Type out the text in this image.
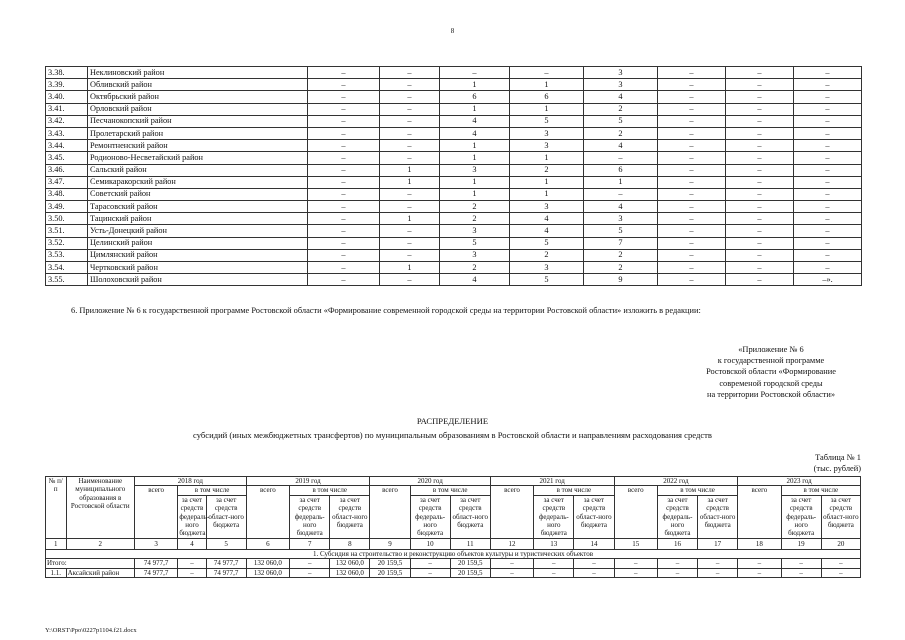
8
3.38.	Неклиновский район	–	–	–	–	3	–	–	–
3.39.	Обливский район	–	–	1	1	3	–	–	–
3.40.	Октябрьский район	–	–	6	6	4	–	–	–
3.41.	Орловский район	–	–	1	1	2	–	–	–
3.42.	Песчанокопский район	–	–	4	5	5	–	–	–
3.43.	Пролетарский район	–	–	4	3	2	–	–	–
3.44.	Ремонтненский район	–	–	1	3	4	–	–	–
3.45.	Родионово-Несветайский район	–	–	1	1	–	–	–	–
3.46.	Сальский район	–	1	3	2	6	–	–	–
3.47.	Семикаракорский район	–	1	1	1	1	–	–	–
3.48.	Советский район	–	–	1	1	–	–	–	–
3.49.	Тарасовский район	–	–	2	3	4	–	–	–
3.50.	Тацинский район	–	1	2	4	3	–	–	–
3.51.	Усть-Донецкий район	–	–	3	4	5	–	–	–
3.52.	Целинский район	–	–	5	5	7	–	–	–
3.53.	Цимлянский район	–	–	3	2	2	–	–	–
3.54.	Чертковский район	–	1	2	3	2	–	–	–
3.55.	Шолоховский район	–	–	4	5	9	–	–	–».
6. Приложение № 6 к государственной программе Ростовской области «Формирование современной городской среды на территории Ростовской области» изложить в редакции:
«Приложение № 6
к государственной программе
Ростовской области «Формирование
современой городской среды
на территории Ростовской области»
РАСПРЕДЕЛЕНИЕ
субсидий (иных межбюджетных трансфертов) по муниципальным образованиям в Ростовской области и направлениям расходования средств
Таблица № 1
(тыс. рублей)
№ п/п	Наименование муниципального образования в Ростовской области	2018 год			2019 год			2020 год			2021 год			2022 год			2023 год		
		всего	в том числе		всего	в том числе		всего	в том числе		всего	в том числе		всего	в том числе		всего	в том числе	
			за счет средств федераль-ного бюджета	за счет средств област-ного бюджета		за счет средств федераль-ного бюджета	за счет средств област-ного бюджета		за счет средств федераль-ного бюджета	за счет средств област-ного бюджета		за счет средств федераль-ного бюджета	за счет средств област-ного бюджета		за счет средств федераль-ного бюджета	за счет средств област-ного бюджета		за счет средств федераль-ного бюджета	за счет средств област-ного бюджета
1	2	3	4	5	6	7	8	9	10	11	12	13	14	15	16	17	18	19	20
1. Субсидия на строительство и реконструкцию объектов культуры и туристических объектов																			
Итого:		74 977,7	–	74 977,7	132 060,0	–	132 060,0	20 159,5	–	20 159,5	–	–	–	–	–	–	–	–	–
1.1.	Аксайский район	74 977,7	–	74 977,7	132 060,0	–	132 060,0	20 159,5	–	20 159,5	–	–	–	–	–	–	–	–	–
Y:\ORST\Ppo\0227p1104.f21.docx
